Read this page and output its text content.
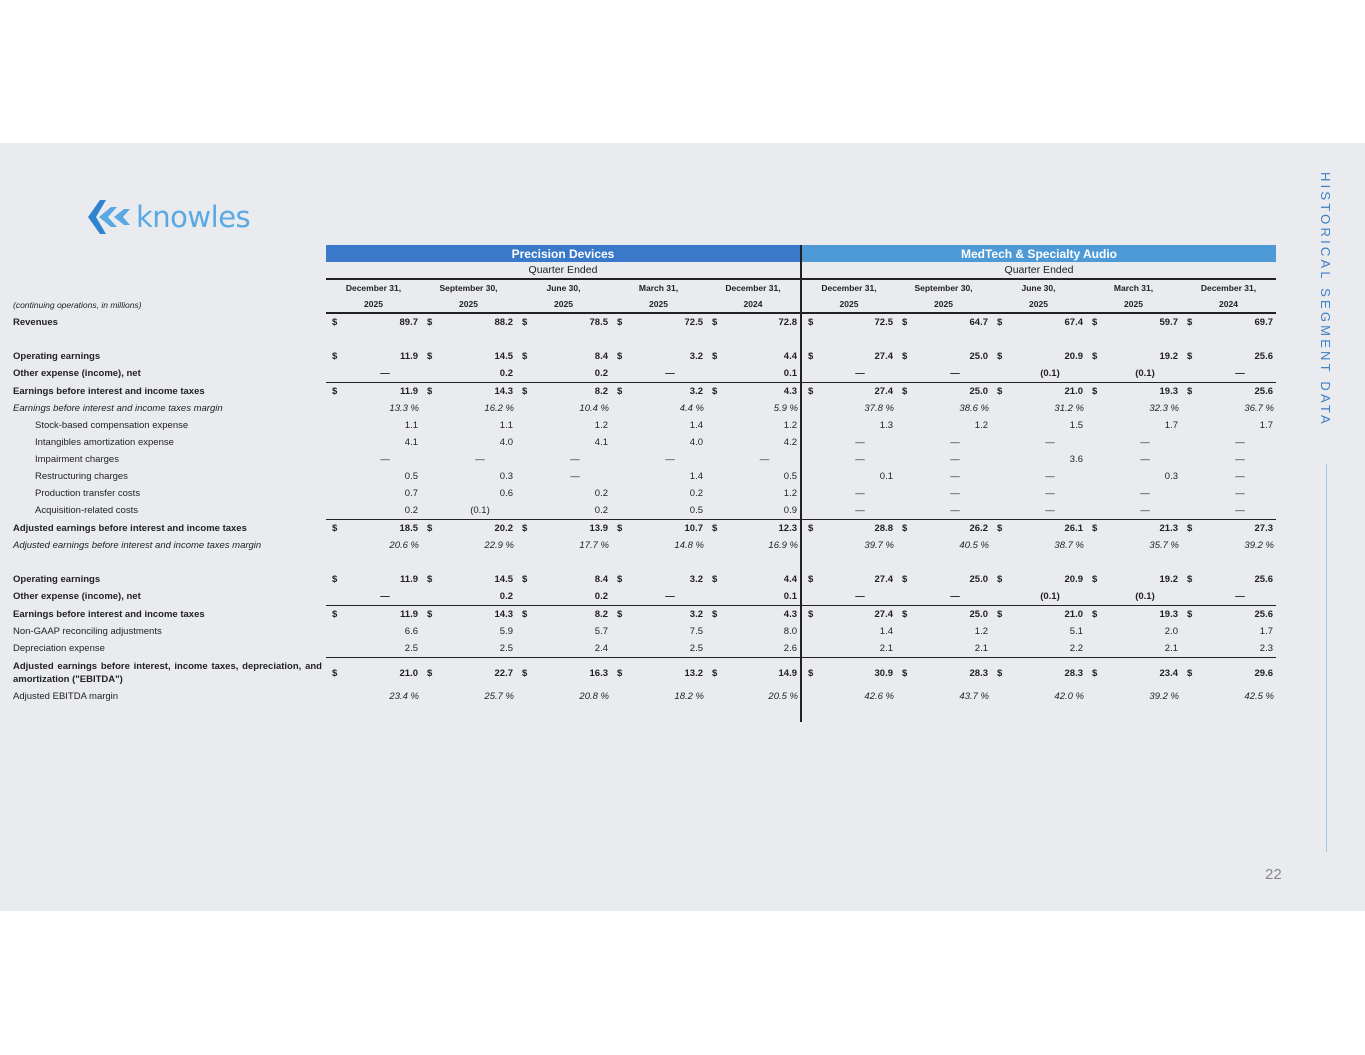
knowles	HISTORICAL SEGMENT DATA
22
	Precision Devices										MedTech & Specialty Audio									
	Quarter Ended										Quarter Ended									
	December 31,		September 30,		June 30,		March 31,		December 31,		December 31,		September 30,		June 30,		March 31,		December 31,	
(continuing operations, in millions)	2025		2025		2025		2025		2024		2025		2025		2025		2025		2024	
Revenues	$	89.7	$	88.2	$	78.5	$	72.5	$	72.8	$	72.5	$	64.7	$	67.4	$	59.7	$	69.7

Operating earnings	$	11.9	$	14.5	$	8.4	$	3.2	$	4.4	$	27.4	$	25.0	$	20.9	$	19.2	$	25.6
Other expense (income), net		—		0.2		0.2		—		0.1		—		—		(0.1)		(0.1)		—
Earnings before interest and income taxes	$	11.9	$	14.3	$	8.2	$	3.2	$	4.3	$	27.4	$	25.0	$	21.0	$	19.3	$	25.6
Earnings before interest and income taxes margin		13.3 %		16.2 %		10.4 %		4.4 %		5.9 %		37.8 %		38.6 %		31.2 %		32.3 %		36.7 %
Stock-based compensation expense		1.1		1.1		1.2		1.4		1.2		1.3		1.2		1.5		1.7		1.7
Intangibles amortization expense		4.1		4.0		4.1		4.0		4.2		—		—		—		—		—
Impairment charges		—		—		—		—		—		—		—		3.6		—		—
Restructuring charges		0.5		0.3		—		1.4		0.5		0.1		—		—		0.3		—
Production transfer costs		0.7		0.6		0.2		0.2		1.2		—		—		—		—		—
Acquisition-related costs		0.2		(0.1)		0.2		0.5		0.9		—		—		—		—		—
Adjusted earnings before interest and income taxes	$	18.5	$	20.2	$	13.9	$	10.7	$	12.3	$	28.8	$	26.2	$	26.1	$	21.3	$	27.3
Adjusted earnings before interest and income taxes margin		20.6 %		22.9 %		17.7 %		14.8 %		16.9 %		39.7 %		40.5 %		38.7 %		35.7 %		39.2 %

Operating earnings	$	11.9	$	14.5	$	8.4	$	3.2	$	4.4	$	27.4	$	25.0	$	20.9	$	19.2	$	25.6
Other expense (income), net		—		0.2		0.2		—		0.1		—		—		(0.1)		(0.1)		—
Earnings before interest and income taxes	$	11.9	$	14.3	$	8.2	$	3.2	$	4.3	$	27.4	$	25.0	$	21.0	$	19.3	$	25.6
Non-GAAP reconciling adjustments		6.6		5.9		5.7		7.5		8.0		1.4		1.2		5.1		2.0		1.7
Depreciation expense		2.5		2.5		2.4		2.5		2.6		2.1		2.1		2.2		2.1		2.3
Adjusted earnings before interest, income taxes, depreciation, and amortization ("EBITDA")	$	21.0	$	22.7	$	16.3	$	13.2	$	14.9	$	30.9	$	28.3	$	28.3	$	23.4	$	29.6
Adjusted EBITDA margin		23.4 %		25.7 %		20.8 %		18.2 %		20.5 %		42.6 %		43.7 %		42.0 %		39.2 %		42.5 %
